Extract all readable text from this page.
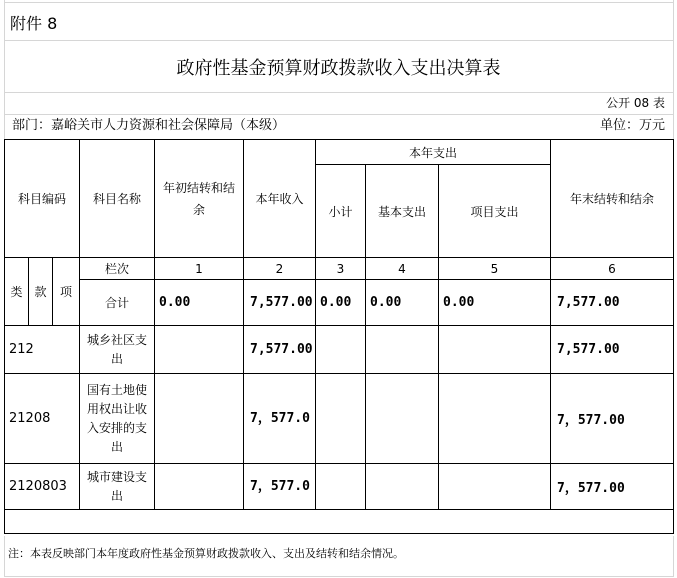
附件 8
政府性基金预算财政拨款收入支出决算表
公开 08 表
部门：嘉峪关市人力资源和社会保障局（本级）	单位：万元
科目编码			科目名称	年初结转和结余	本年收入	本年支出			年末结转和结余
						小计	基本支出	项目支出	
类	款	项	栏次	1	2	3	4	5	6
			合计	0.00	7,577.00	0.00	0.00	0.00	7,577.00
212			城乡社区支出		7,577.00				7,577.00
21208			国有土地使用权出让收入安排的支出		7，577.0				7，577.00
2120803			城市建设支出		7，577.0				7，577.00

注：本表反映部门本年度政府性基金预算财政拨款收入、支出及结转和结余情况。
